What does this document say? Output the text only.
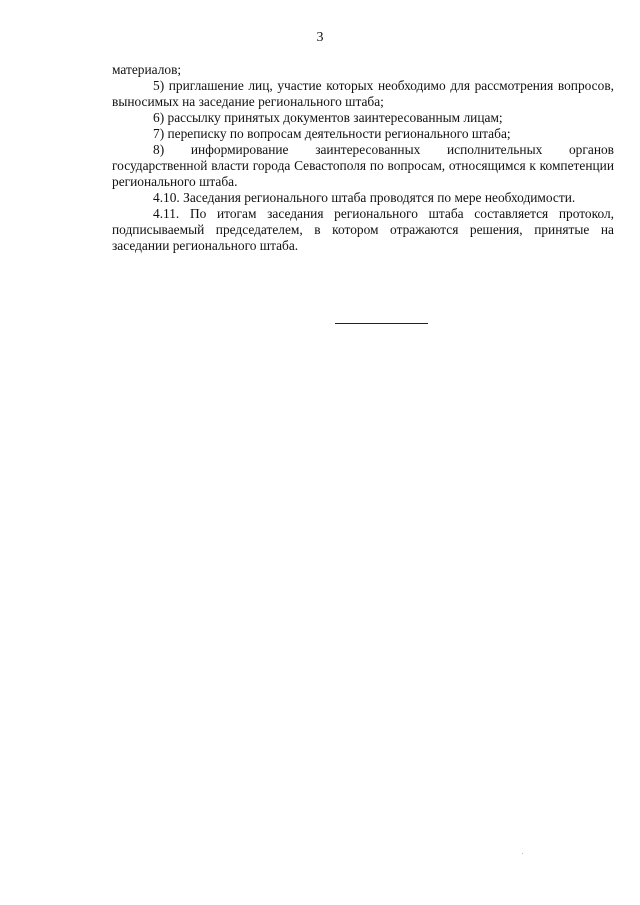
3

материалов;

5) приглашение лиц, участие которых необходимо для рассмотрения вопросов, выносимых на заседание регионального штаба;

6) рассылку принятых документов заинтересованным лицам;

7) переписку по вопросам деятельности регионального штаба;

8) информирование заинтересованных исполнительных органов государственной власти города Севастополя по вопросам, относящимся к компетенции регионального штаба.

4.10. Заседания регионального штаба проводятся по мере необходимости.

4.11. По итогам заседания регионального штаба составляется протокол, подписываемый председателем, в котором отражаются решения, принятые на заседании регионального штаба.
